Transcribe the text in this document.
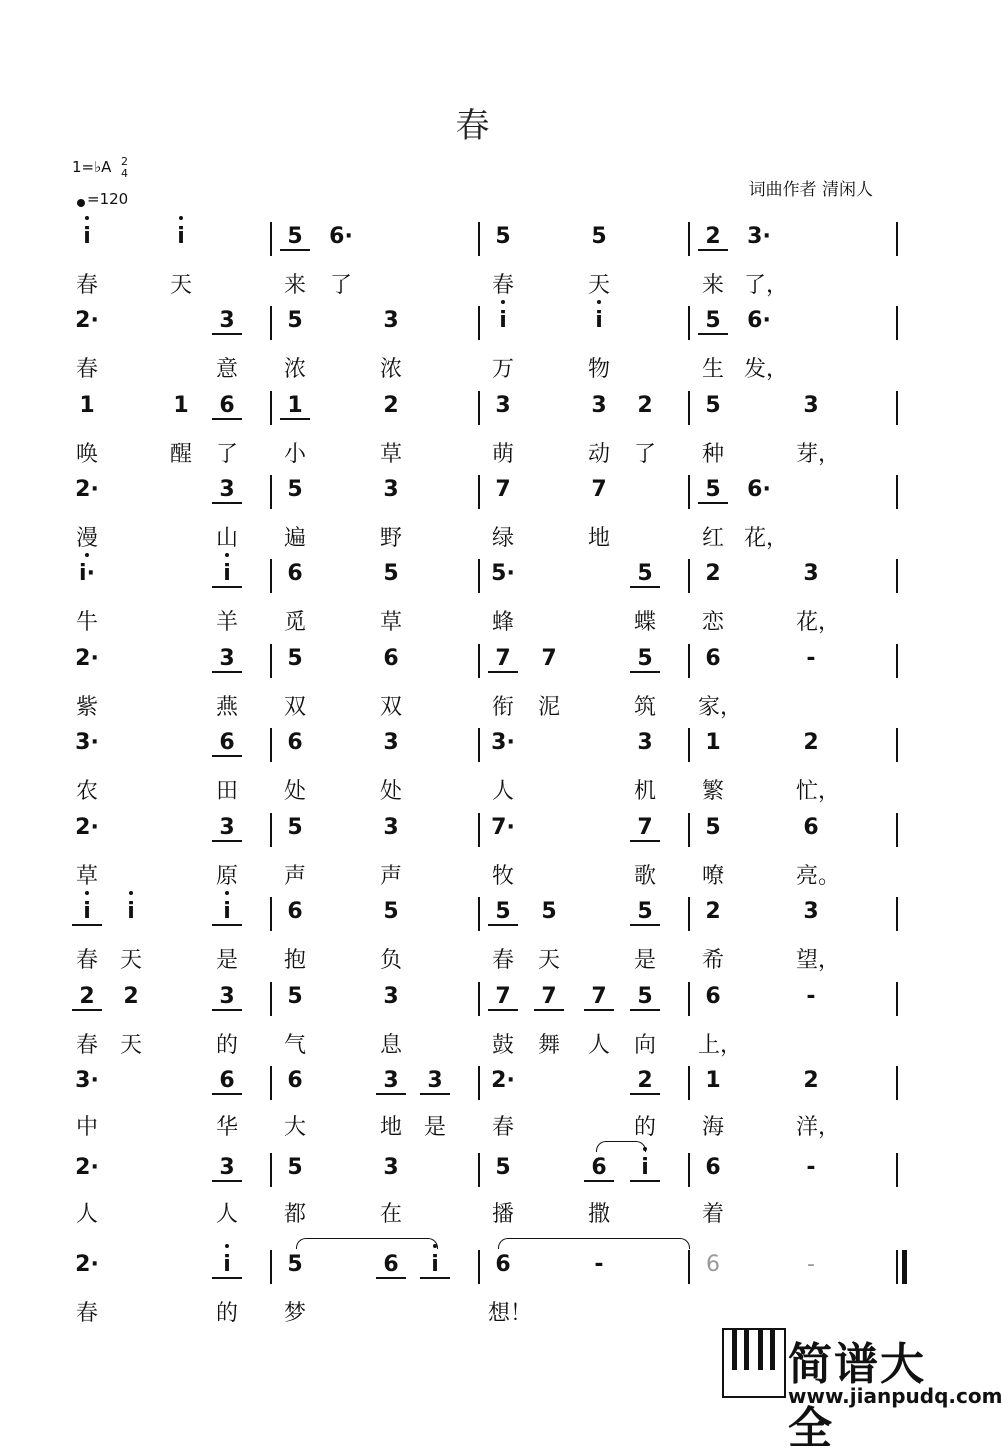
春
1=♭A 2
4
=120	词曲作者 清闲人
i	i	5	6·	5	5	2	3·
春	天	来 了	春	天	来 了，
2·	3	5	3	i	i	5	6·
春	意 浓	浓	万	物	生 发，
1	1	6	1	2	3	3	2	5	3
唤	醒 了 小	草	萌	动 了 种	芽，
2·	3	5	3	7	7	5	6·
漫	山 遍	野	绿	地	红 花，
i·	i	6	5	5·	5	2	3
牛	羊 觅	草	蜂	蝶 恋	花，
2·	3	5	6	7	7	5	6	-
紫	燕 双	双	衔 泥	筑 家，
3·	6	6	3	3·	3	1	2
农	田 处	处	人	机 繁	忙，
2·	3	5	3	7·	7	5	6
草	原 声	声	牧	歌 嘹	亮。
i	i	i	6	5	5	5	5	2	3
春 天	是 抱	负	春 天	是 希	望，
2	2	3	5	3	7	7	7	5	6	-
春 天	的 气	息	鼓 舞 人 向 上，
3·	6	6	3	3	2·	2	1	2
中	华 大	地 是 春	的 海	洋，
2·	3	5	3	5	6	i	6	-
人	人 都	在	播	撒	着
2·	i	5	6	i	6	-	6	-
春	的 梦	想！
简谱大全
www.jianpudq.com
